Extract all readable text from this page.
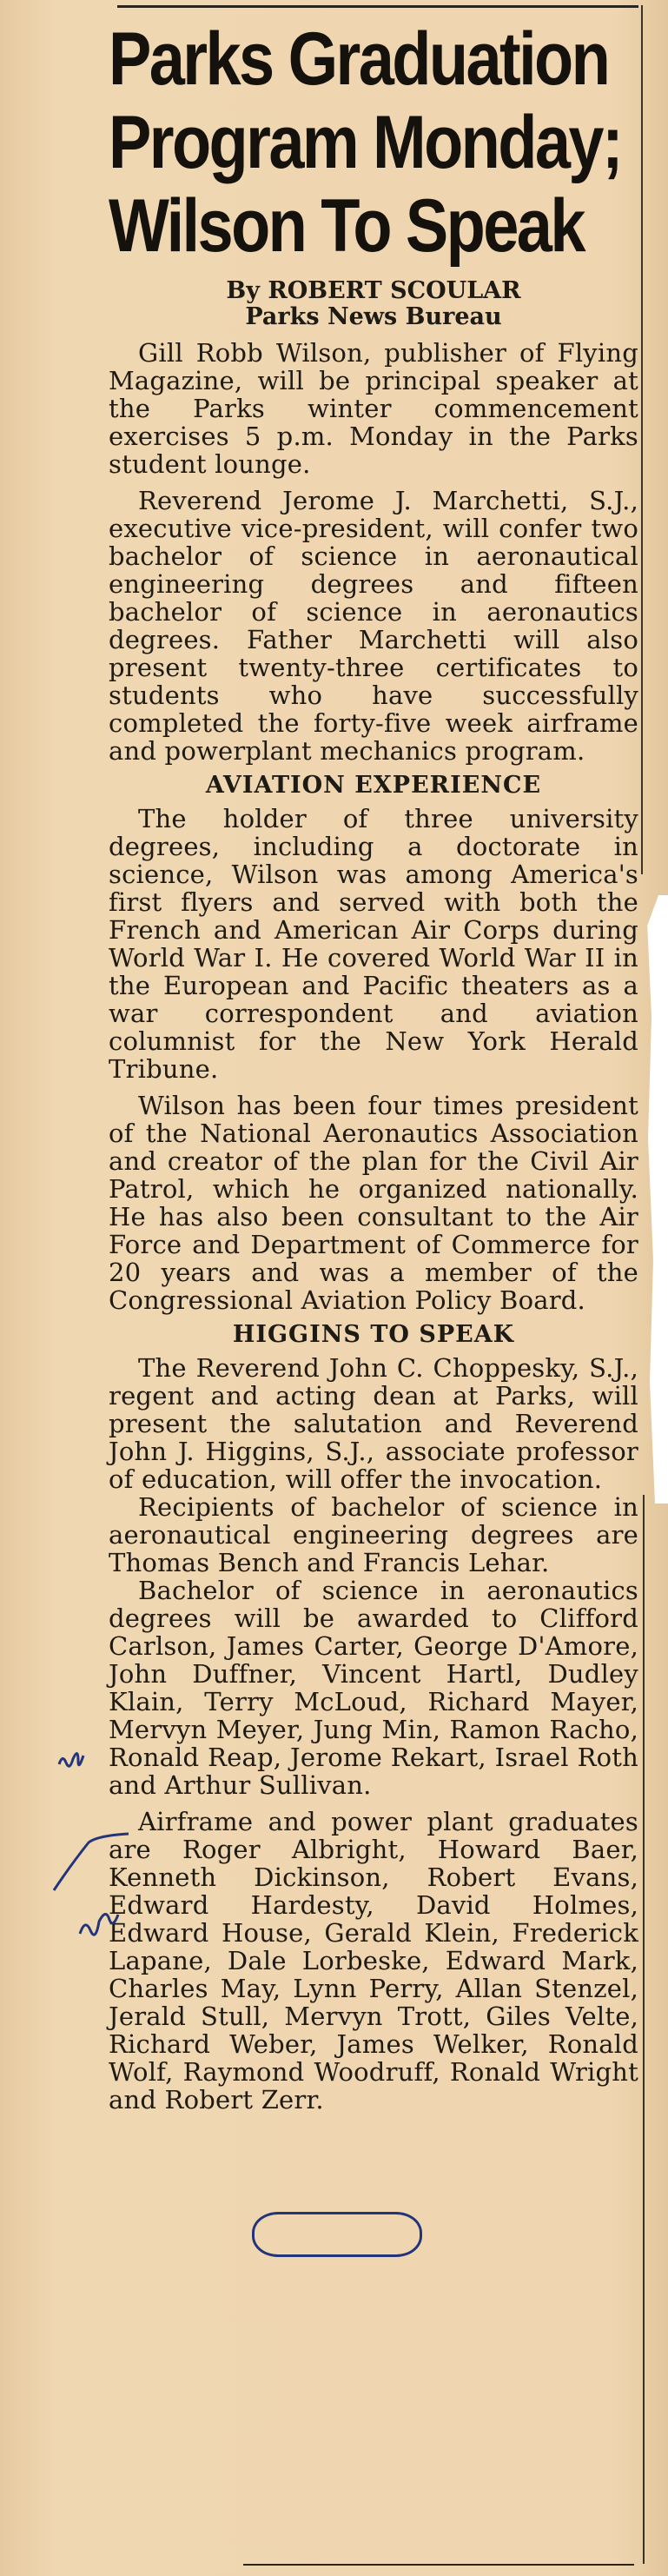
Parks Graduation
Program Monday;
Wilson To Speak
By ROBERT SCOULAR
Parks News Bureau

Gill Robb Wilson, publisher of Flying Magazine, will be principal speaker at the Parks winter commencement exercises 5 p.m. Monday in the Parks student lounge.

Reverend Jerome J. Marchetti, S.J., executive vice-president, will confer two bachelor of science in aeronautical engineering degrees and fifteen bachelor of science in aeronautics degrees. Father Marchetti will also present twenty-three certificates to students who have successfully completed the forty-five week airframe and powerplant mechanics program.

AVIATION EXPERIENCE

The holder of three university degrees, including a doctorate in science, Wilson was among America's first flyers and served with both the French and American Air Corps during World War I. He covered World War II in the European and Pacific theaters as a war correspondent and aviation columnist for the New York Herald Tribune.

Wilson has been four times president of the National Aeronautics Association and creator of the plan for the Civil Air Patrol, which he organized nationally. He has also been consultant to the Air Force and Department of Commerce for 20 years and was a member of the Congressional Aviation Policy Board.

HIGGINS TO SPEAK

The Reverend John C. Choppesky, S.J., regent and acting dean at Parks, will present the salutation and Reverend John J. Higgins, S.J., associate professor of education, will offer the invocation.

Recipients of bachelor of science in aeronautical engineering degrees are Thomas Bench and Francis Lehar.

Bachelor of science in aeronautics degrees will be awarded to Clifford Carlson, James Carter, George D'Amore, John Duffner, Vincent Hartl, Dudley Klain, Terry McLoud, Richard Mayer, Mervyn Meyer, Jung Min, Ramon Racho, Ronald Reap, Jerome Rekart, Israel Roth and Arthur Sullivan.

Airframe and power plant graduates are Roger Albright, Howard Baer, Kenneth Dickinson, Robert Evans, Edward Hardesty, David Holmes, Edward House, Gerald Klein, Frederick Lapane, Dale Lorbeske, Edward Mark, Charles May, Lynn Perry, Allan Stenzel, Jerald Stull, Mervyn Trott, Giles Velte, Richard Weber, James Welker, Ronald Wolf, Raymond Woodruff, Ronald Wright and Robert Zerr.
